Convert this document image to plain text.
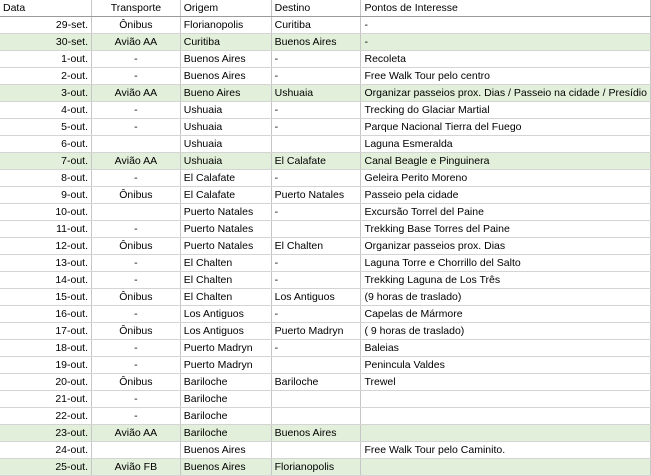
Data	Transporte	Origem	Destino	Pontos de Interesse
29-set.	Ônibus	Florianopolis	Curitiba	-
30-set.	Avião AA	Curitiba	Buenos Aires	-
1-out.	-	Buenos Aires	-	Recoleta
2-out.	-	Buenos Aires	-	Free Walk Tour pelo centro
3-out.	Avião AA	Bueno Aires	Ushuaia	Organizar passeios prox. Dias / Passeio na cidade / Presídio
4-out.	-	Ushuaia	-	Trecking do Glaciar Martial
5-out.	-	Ushuaia	-	Parque Nacional Tierra del Fuego
6-out.		Ushuaia		Laguna Esmeralda
7-out.	Avião AA	Ushuaia	El Calafate	Canal Beagle e Pinguinera
8-out.	-	El Calafate	-	Geleira Perito Moreno
9-out.	Ônibus	El Calafate	Puerto Natales	Passeio pela cidade
10-out.		Puerto Natales	-	Excursão Torrel del Paine
11-out.	-	Puerto Natales		Trekking Base Torres del Paine
12-out.	Ônibus	Puerto Natales	El Chalten	Organizar passeios prox. Dias
13-out.	-	El Chalten	-	Laguna Torre e Chorrillo del Salto
14-out.	-	El Chalten	-	Trekking Laguna de Los Três
15-out.	Ônibus	El Chalten	Los Antiguos	(9 horas de traslado)
16-out.	-	Los Antiguos	-	Capelas de Mármore
17-out.	Ônibus	Los Antiguos	Puerto Madryn	( 9 horas de traslado)
18-out.	-	Puerto Madryn	-	Baleias
19-out.	-	Puerto Madryn		Penincula Valdes
20-out.	Ônibus	Bariloche	Bariloche	Trewel
21-out.	-	Bariloche		
22-out.	-	Bariloche		
23-out.	Avião AA	Bariloche	Buenos Aires	
24-out.		Buenos Aires		Free Walk Tour pelo Caminito.
25-out.	Avião FB	Buenos Aires	Florianopolis	
